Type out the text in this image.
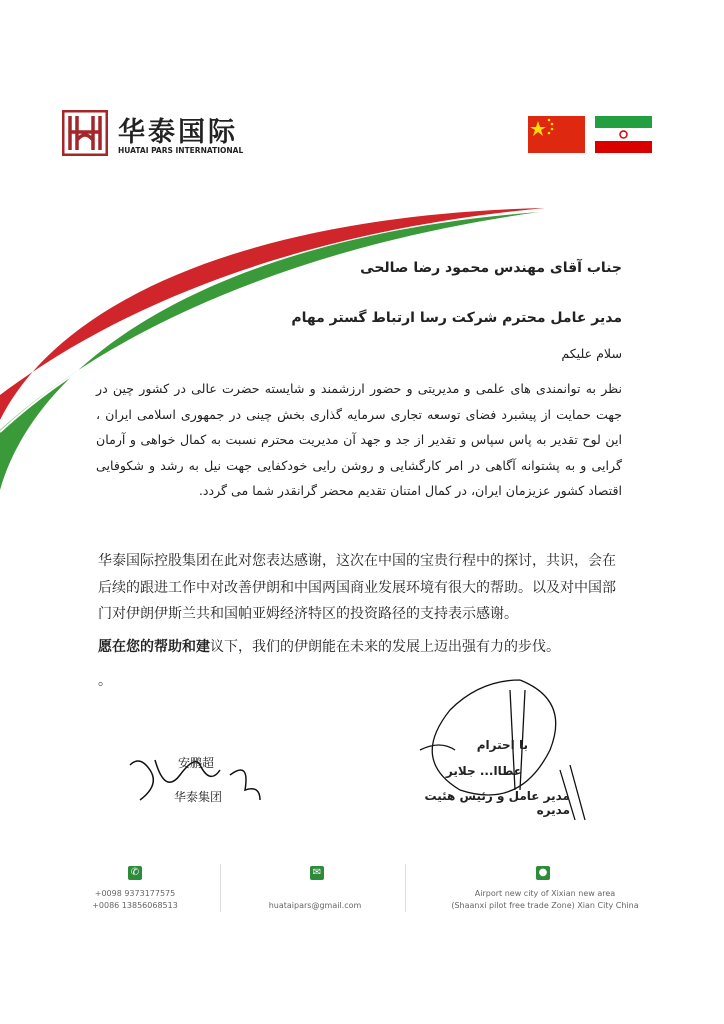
华泰国际
HUATAI PARS INTERNATIONAL
جناب آقای مهندس محمود رضا صالحی
مدیر عامل محترم شرکت رسا ارتباط گستر مهام
سلام علیکم
نظر به توانمندی های علمی و مدیریتی و حضور ارزشمند و شایسته حضرت عالی در کشور چین در جهت حمایت از پیشبرد فضای توسعه تجاری سرمایه گذاری بخش چینی در جمهوری اسلامی ایران ، این لوح تقدیر به پاس سپاس و تقدیر از جد و جهد آن مدیریت محترم نسبت به کمال خواهی و آرمان گرایی و به پشتوانه آگاهی در امر کارگشایی و روشن رایی خودکفایی جهت نیل به رشد و شکوفایی اقتصاد کشور عزیزمان ایران، در کمال امتنان تقدیم محضر گرانقدر شما می گردد.
华泰国际控股集团在此对您表达感谢，这次在中国的宝贵行程中的探讨，共识，会在后续的跟进工作中对改善伊朗和中国两国商业发展环境有很大的帮助。以及对中国部门对伊朗伊斯兰共和国帕亚姆经济特区的投资路径的支持表示感谢。
愿在您的帮助和建议下，我们的伊朗能在未来的发展上迈出强有力的步伐。
。
安鹏超
华泰集团
با احترام
عطاا... جلایر
مدیر عامل و رئیس هئیت مدیره
✆
+0098 9373177575
+0086 13856068513
✉
huataipars@gmail.com
●
Airport new city of Xixian new area
(Shaanxi pilot free trade Zone) Xian City China
